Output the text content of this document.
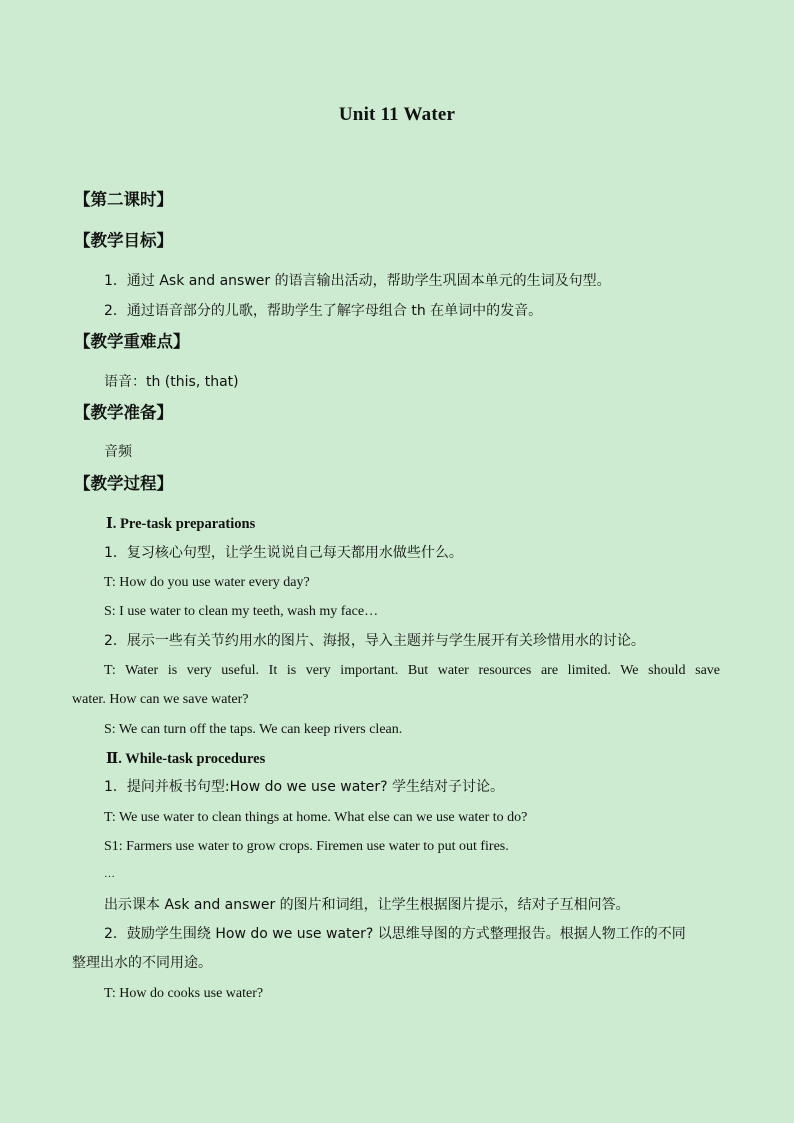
Unit 11 Water
【第二课时】
【教学目标】
1．通过 Ask and answer 的语言输出活动，帮助学生巩固本单元的生词及句型。
2．通过语音部分的儿歌，帮助学生了解字母组合 th 在单词中的发音。
【教学重难点】
语音：th (this, that)
【教学准备】
音频
【教学过程】
Ⅰ. Pre-task preparations
1．复习核心句型，让学生说说自己每天都用水做些什么。
T: How do you use water every day?
S: I use water to clean my teeth, wash my face…
2．展示一些有关节约用水的图片、海报，导入主题并与学生展开有关珍惜用水的讨论。
T: Water is very useful. It is very important. But water resources are limited. We should save
water. How can we save water?
S: We can turn off the taps. We can keep rivers clean.
Ⅱ. While-task procedures
1．提问并板书句型:How do we use water? 学生结对子讨论。
T: We use water to clean things at home. What else can we use water to do?
S1: Farmers use water to grow crops. Firemen use water to put out fires.
…
出示课本 Ask and answer 的图片和词组，让学生根据图片提示，结对子互相问答。
2．鼓励学生围绕 How do we use water? 以思维导图的方式整理报告。根据人物工作的不同
整理出水的不同用途。
T: How do cooks use water?
